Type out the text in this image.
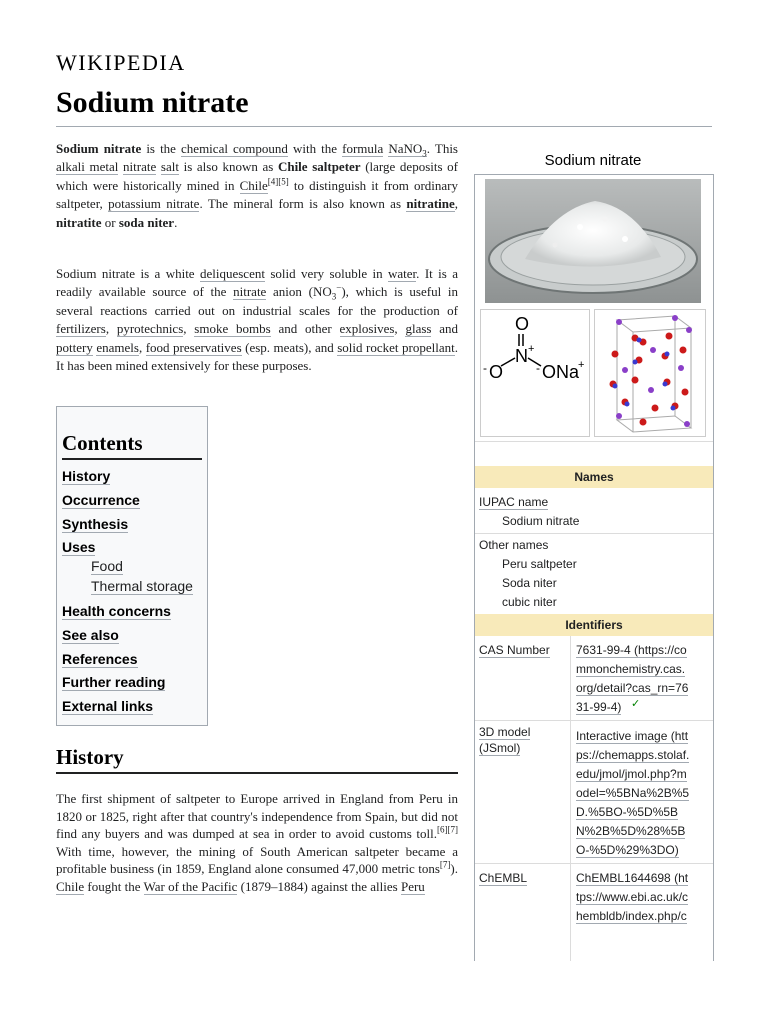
WIKIPEDIA
Sodium nitrate

Sodium nitrate is the chemical compound with the formula NaNO$_3$. This alkali metal nitrate salt is also known as Chile saltpeter (large deposits of which were historically mined in Chile[4][5] to distinguish it from ordinary saltpeter, potassium nitrate. The mineral form is also known as nitratine, nitratite or soda niter.

Sodium nitrate is a white deliquescent solid very soluble in water. It is a readily available source of the nitrate anion $(NO_3^-)$, which is useful in several reactions carried out on industrial scales for the production of fertilizers, pyrotechnics, smoke bombs and other explosives, glass and pottery enamels, food preservatives (esp. meats), and solid rocket propellant. It has been mined extensively for these purposes.

Contents
History
Occurrence
Synthesis
Uses
Food
Thermal storage
Health concerns
See also
References
Further reading
External links
History

The first shipment of saltpeter to Europe arrived in England from Peru in 1820 or 1825, right after that country's independence from Spain, but did not find any buyers and was dumped at sea in order to avoid customs toll.[6][7] With time, however, the mining of South American saltpeter became a profitable business (in 1859, England alone consumed 47,000 metric tons[7]). Chile fought the War of the Pacific (1879–1884) against the allies Peru

Sodium nitrate
O
N +
- O	- O Na
+
Names
IUPAC name
Sodium nitrate
Other names
Peru saltpeter
Soda niter
cubic niter
Identifiers
CAS Number 7631-99-4 (https://co
mmonchemistry.cas.
org/detail?cas_rn=76
31-99-4) ✓
3D model
(JSmol)
Interactive image (htt
ps://chemapps.stolaf.
edu/jmol/jmol.php?m
odel=%5BNa%2B%5
D.%5BO-%5D%5B
N%2B%5D%28%5B
O-%5D%29%3DO)
ChEMBL	ChEMBL1644698 (ht
tps://www.ebi.ac.uk/c
hembldb/index.php/c
